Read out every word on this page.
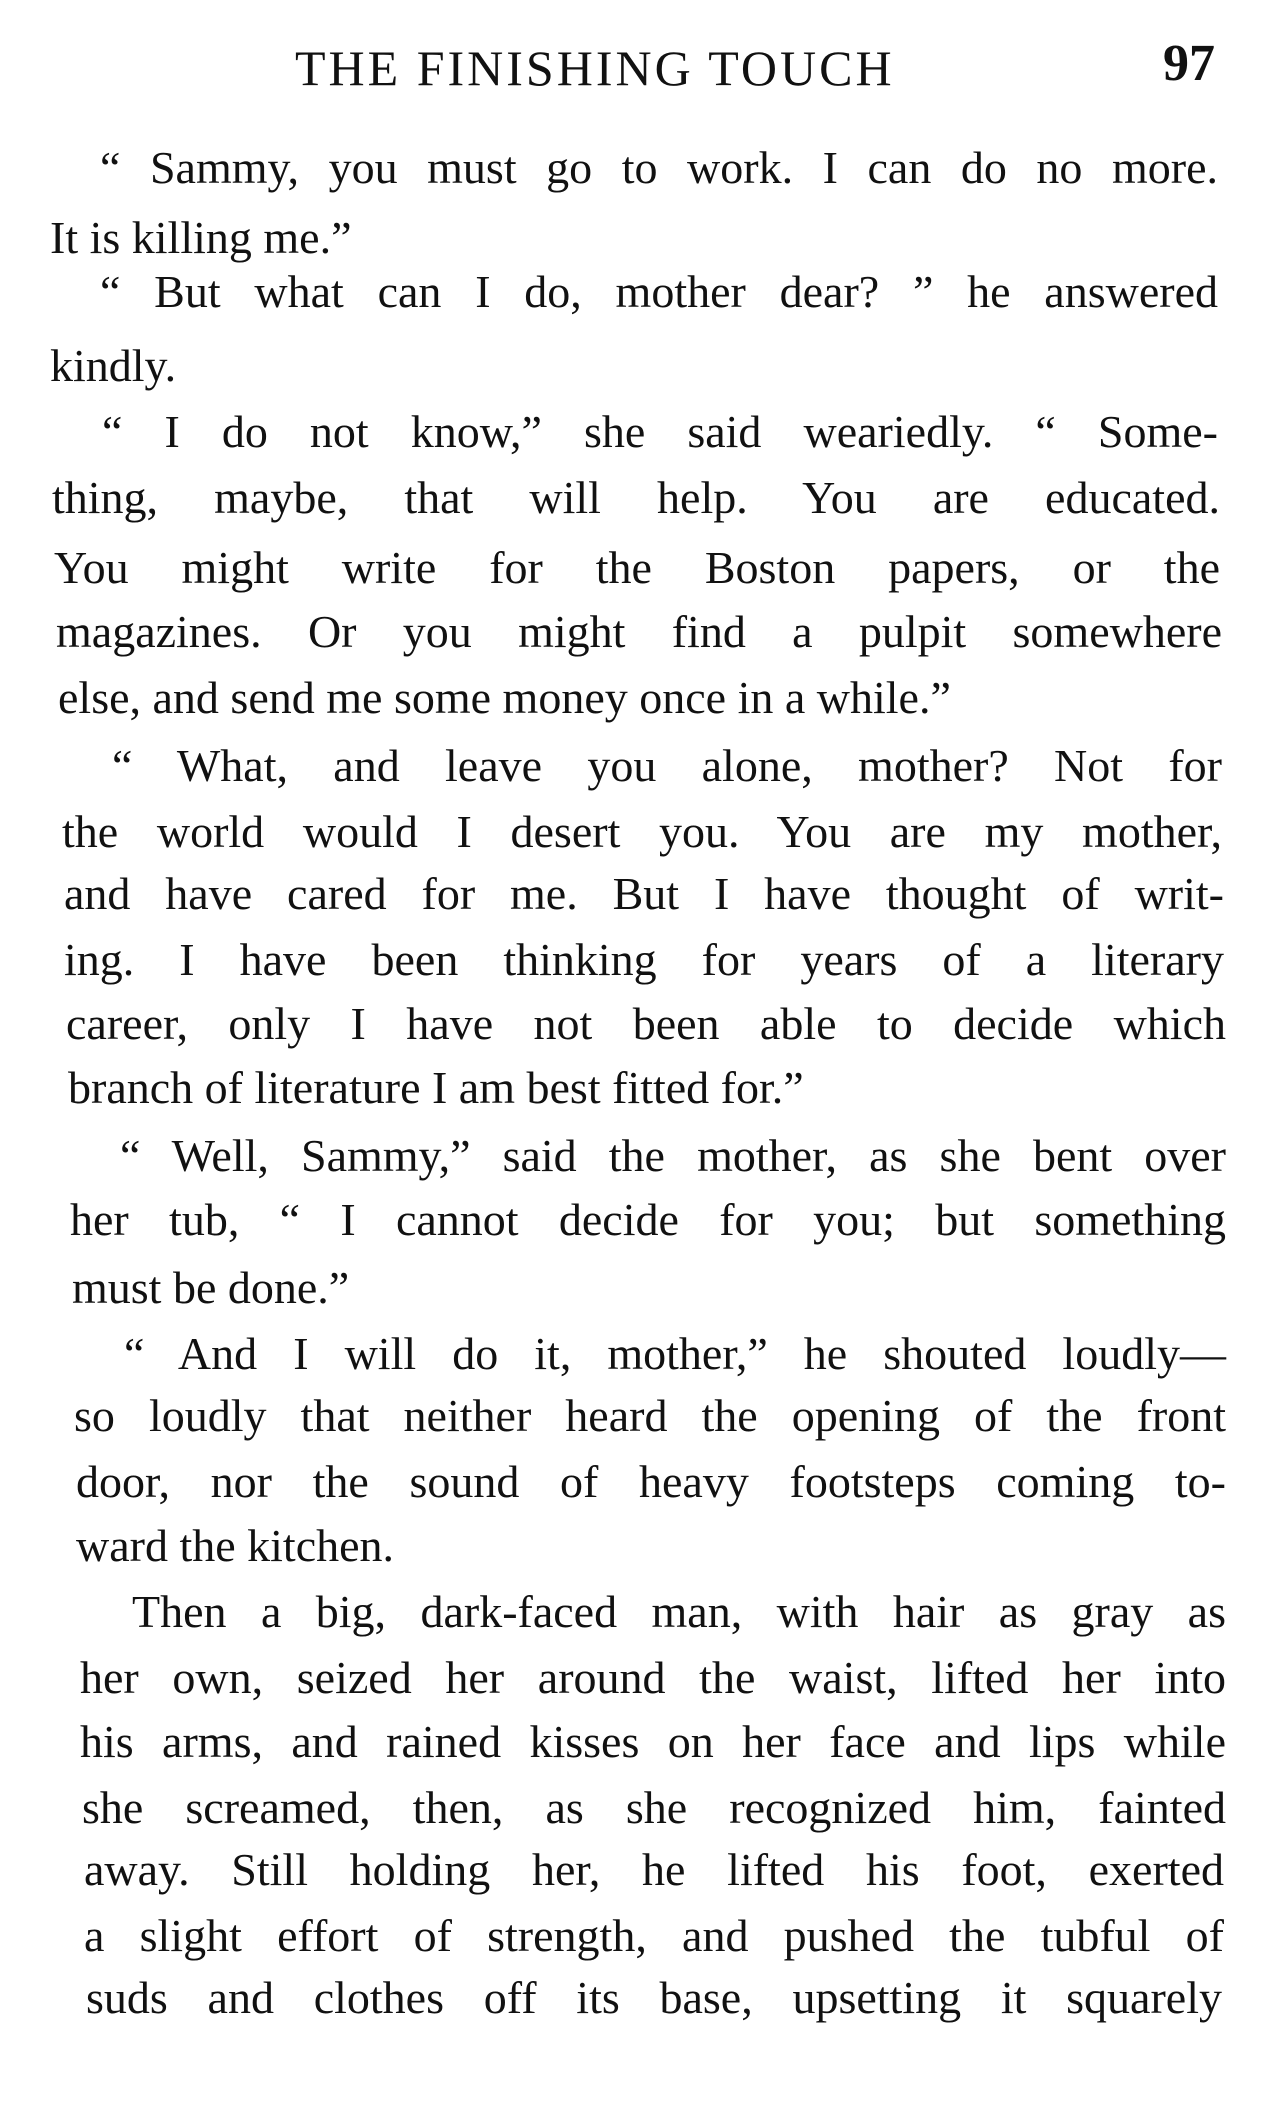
THE FINISHING TOUCH	97
“ Sammy, you must go to work. I can do no more.
It is killing me.”
“ But what can I do, mother dear? ” he answered
kindly.
“ I do not know,” she said weariedly. “ Some-
thing, maybe, that will help. You are educated.
You might write for the Boston papers, or the
magazines. Or you might find a pulpit somewhere
else, and send me some money once in a while.”
“ What, and leave you alone, mother? Not for
the world would I desert you. You are my mother,
and have cared for me. But I have thought of writ-
ing. I have been thinking for years of a literary
career, only I have not been able to decide which
branch of literature I am best fitted for.”
“ Well, Sammy,” said the mother, as she bent over
her tub, “ I cannot decide for you; but something
must be done.”
“ And I will do it, mother,” he shouted loudly—
so loudly that neither heard the opening of the front
door, nor the sound of heavy footsteps coming to-
ward the kitchen.
Then a big, dark-faced man, with hair as gray as
her own, seized her around the waist, lifted her into
his arms, and rained kisses on her face and lips while
she screamed, then, as she recognized him, fainted
away. Still holding her, he lifted his foot, exerted
a slight effort of strength, and pushed the tubful of
suds and clothes off its base, upsetting it squarely
